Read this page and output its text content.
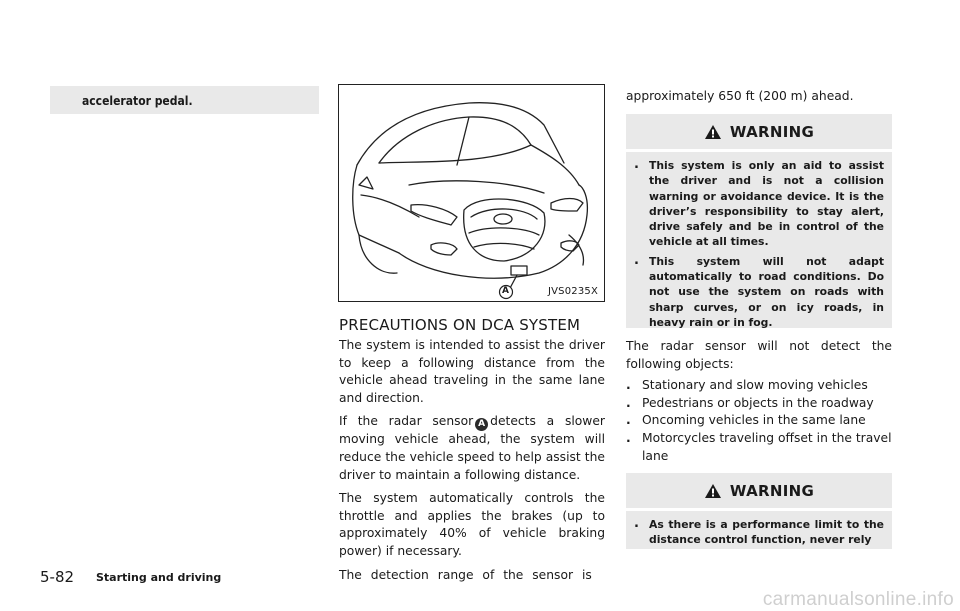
accelerator pedal.
A	JVS0235X
PRECAUTIONS ON DCA SYSTEM

The system is intended to assist the driver to keep a following distance from the vehicle ahead traveling in the same lane and direction.

If the radar sensor A detects a slower moving vehicle ahead, the system will reduce the vehicle speed to help assist the driver to maintain a following distance.

The system automatically controls the throttle and applies the brakes (up to approximately 40% of vehicle braking power) if necessary.

The detection range of the sensor is

approximately 650 ft (200 m) ahead.
WARNING
. This system is only an aid to assist the driver and is not a collision warning or avoidance device. It is the driver’s responsibility to stay alert, drive safely and be in control of the vehicle at all times.
. This system will not adapt automatically to road conditions. Do not use the system on roads with sharp curves, or on icy roads, in heavy rain or in fog.

The radar sensor will not detect the following objects:

. Stationary and slow moving vehicles
. Pedestrians or objects in the roadway
. Oncoming vehicles in the same lane
. Motorcycles traveling offset in the travel lane
WARNING
. As there is a performance limit to the distance control function, never rely
5-82 Starting and driving
carmanualsonline.info
